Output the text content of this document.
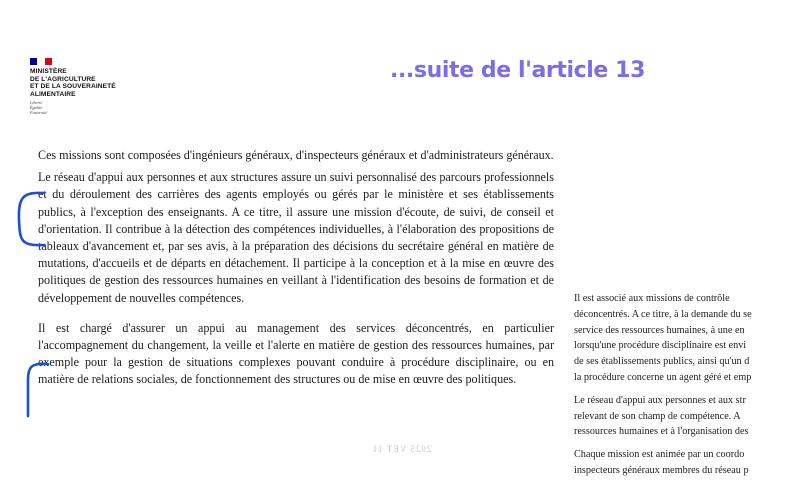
MINISTÈRE
DE L'AGRICULTURE
ET DE LA SOUVERAINETÉ
ALIMENTAIRE
Liberté
Égalité
Fraternité
...suite de l'article 13

Ces missions sont composées d'ingénieurs généraux, d'inspecteurs généraux et d'administrateurs généraux.

Le réseau d'appui aux personnes et aux structures assure un suivi personnalisé des parcours professionnels et du déroulement des carrières des agents employés ou gérés par le ministère et ses établissements publics, à l'exception des enseignants. A ce titre, il assure une mission d'écoute, de suivi, de conseil et d'orientation. Il contribue à la détection des compétences individuelles, à l'élaboration des propositions de tableaux d'avancement et, par ses avis, à la préparation des décisions du secrétaire général en matière de mutations, d'accueils et de départs en détachement. Il participe à la conception et à la mise en œuvre des politiques de gestion des ressources humaines en veillant à l'identification des besoins de formation et de développement de nouvelles compétences.

Il est chargé d'assurer un appui au management des services déconcentrés, en particulier l'accompagnement du changement, la veille et l'alerte en matière de gestion des ressources humaines, par exemple pour la gestion de situations complexes pouvant conduire à procédure disciplinaire, ou en matière de relations sociales, de fonctionnement des structures ou de mise en œuvre des politiques.

2025 VET 11

Il est associé aux missions de contrôle
déconcentrés. A ce titre, à la demande du se
service des ressources humaines, à une en
lorsqu'une procédure disciplinaire est envi
de ses établissements publics, ainsi qu'un d
la procédure concerne un agent géré et emp

Le réseau d'appui aux personnes et aux str
relevant de son champ de compétence. A
ressources humaines et à l'organisation des

Chaque mission est animée par un coordo
inspecteurs généraux membres du réseau p
